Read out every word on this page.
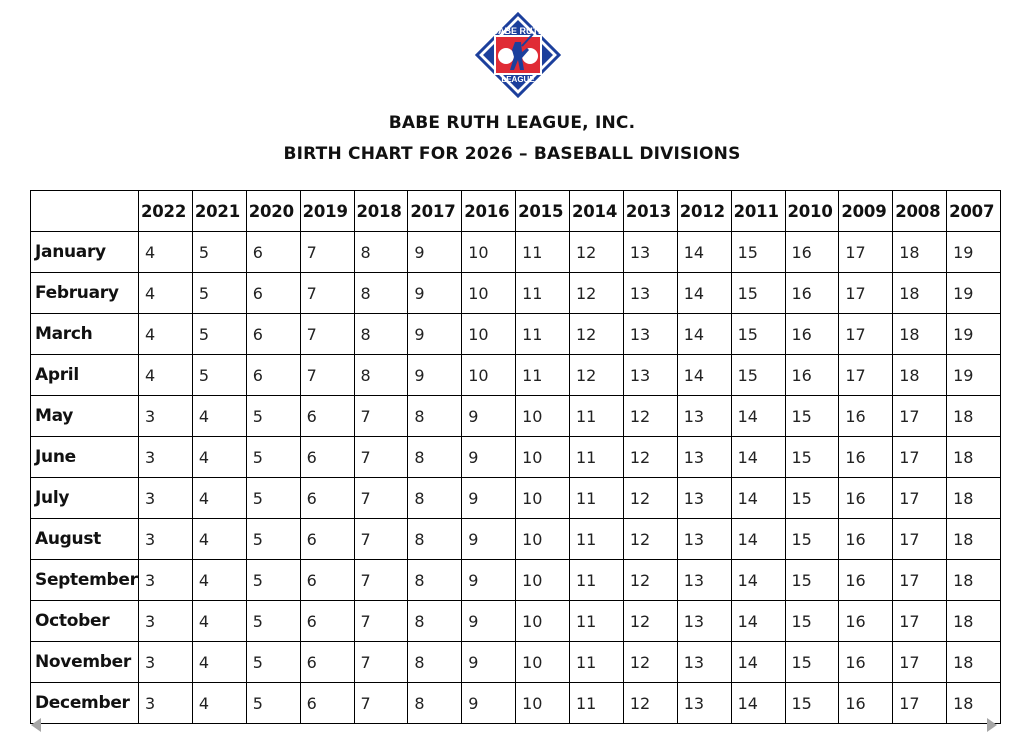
BABE RUTH
LEAGUE
BABE RUTH LEAGUE, INC.
BIRTH CHART FOR 2026 – BASEBALL DIVISIONS
	2022	2021	2020	2019	2018	2017	2016	2015	2014	2013	2012	2011	2010	2009	2008	2007
January	4	5	6	7	8	9	10	11	12	13	14	15	16	17	18	19
February	4	5	6	7	8	9	10	11	12	13	14	15	16	17	18	19
March	4	5	6	7	8	9	10	11	12	13	14	15	16	17	18	19
April	4	5	6	7	8	9	10	11	12	13	14	15	16	17	18	19
May	3	4	5	6	7	8	9	10	11	12	13	14	15	16	17	18
June	3	4	5	6	7	8	9	10	11	12	13	14	15	16	17	18
July	3	4	5	6	7	8	9	10	11	12	13	14	15	16	17	18
August	3	4	5	6	7	8	9	10	11	12	13	14	15	16	17	18
September	3	4	5	6	7	8	9	10	11	12	13	14	15	16	17	18
October	3	4	5	6	7	8	9	10	11	12	13	14	15	16	17	18
November	3	4	5	6	7	8	9	10	11	12	13	14	15	16	17	18
December	3	4	5	6	7	8	9	10	11	12	13	14	15	16	17	18
